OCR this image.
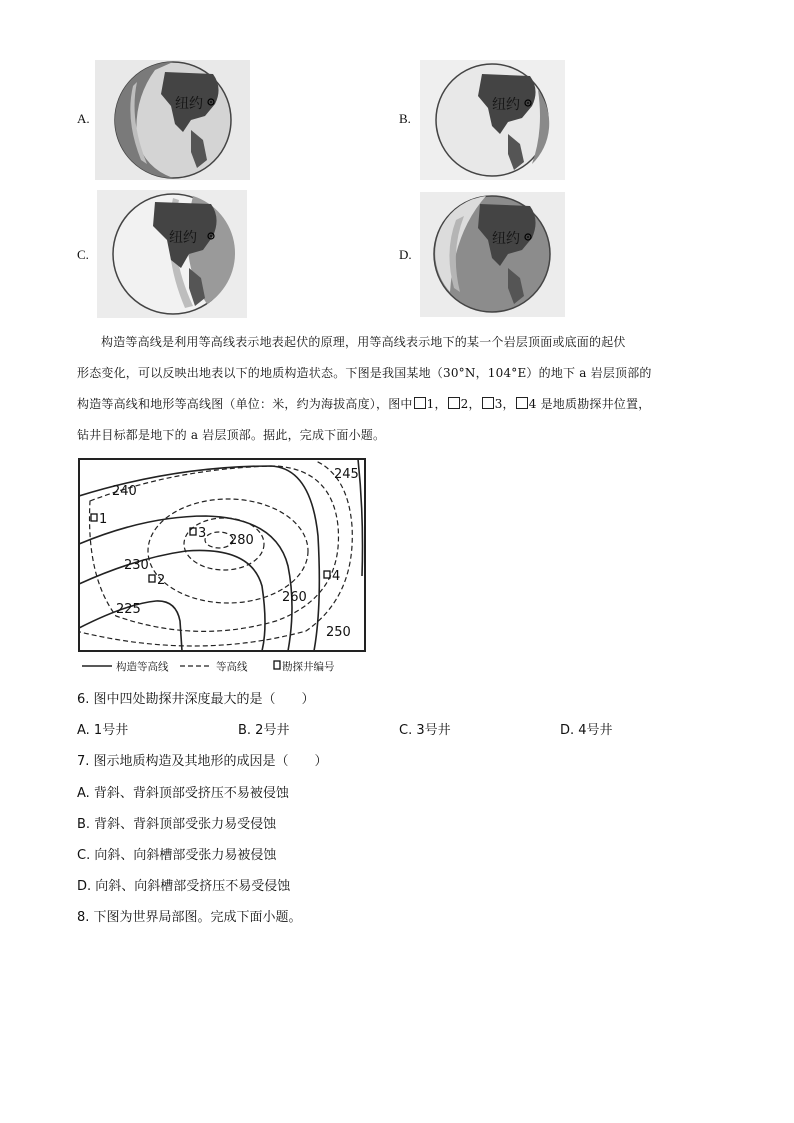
A.	B.
C.	D.
纽约	纽约
纽约	纽约
构造等高线是利用等高线表示地表起伏的原理，用等高线表示地下的某一个岩层顶面或底面的起伏
形态变化，可以反映出地表以下的地质构造状态。下图是我国某地（30°N，104°E）的地下 a 岩层顶部的
构造等高线和地形等高线图（单位：米，约为海拔高度），图中 1， 2， 3， 4 是地质勘探井位置，
钻井目标都是地下的 a 岩层顶部。据此，完成下面小题。
240
245
280
230
260
225
250
1
2
3
4
构造等高线	等高线	勘探井编号
6. 图中四处勘探井深度最大的是（　　）
A. 1号井	B. 2号井	C. 3号井	D. 4号井
7. 图示地质构造及其地形的成因是（　　）
A. 背斜、背斜顶部受挤压不易被侵蚀
B. 背斜、背斜顶部受张力易受侵蚀
C. 向斜、向斜槽部受张力易被侵蚀
D. 向斜、向斜槽部受挤压不易受侵蚀
8. 下图为世界局部图。完成下面小题。
